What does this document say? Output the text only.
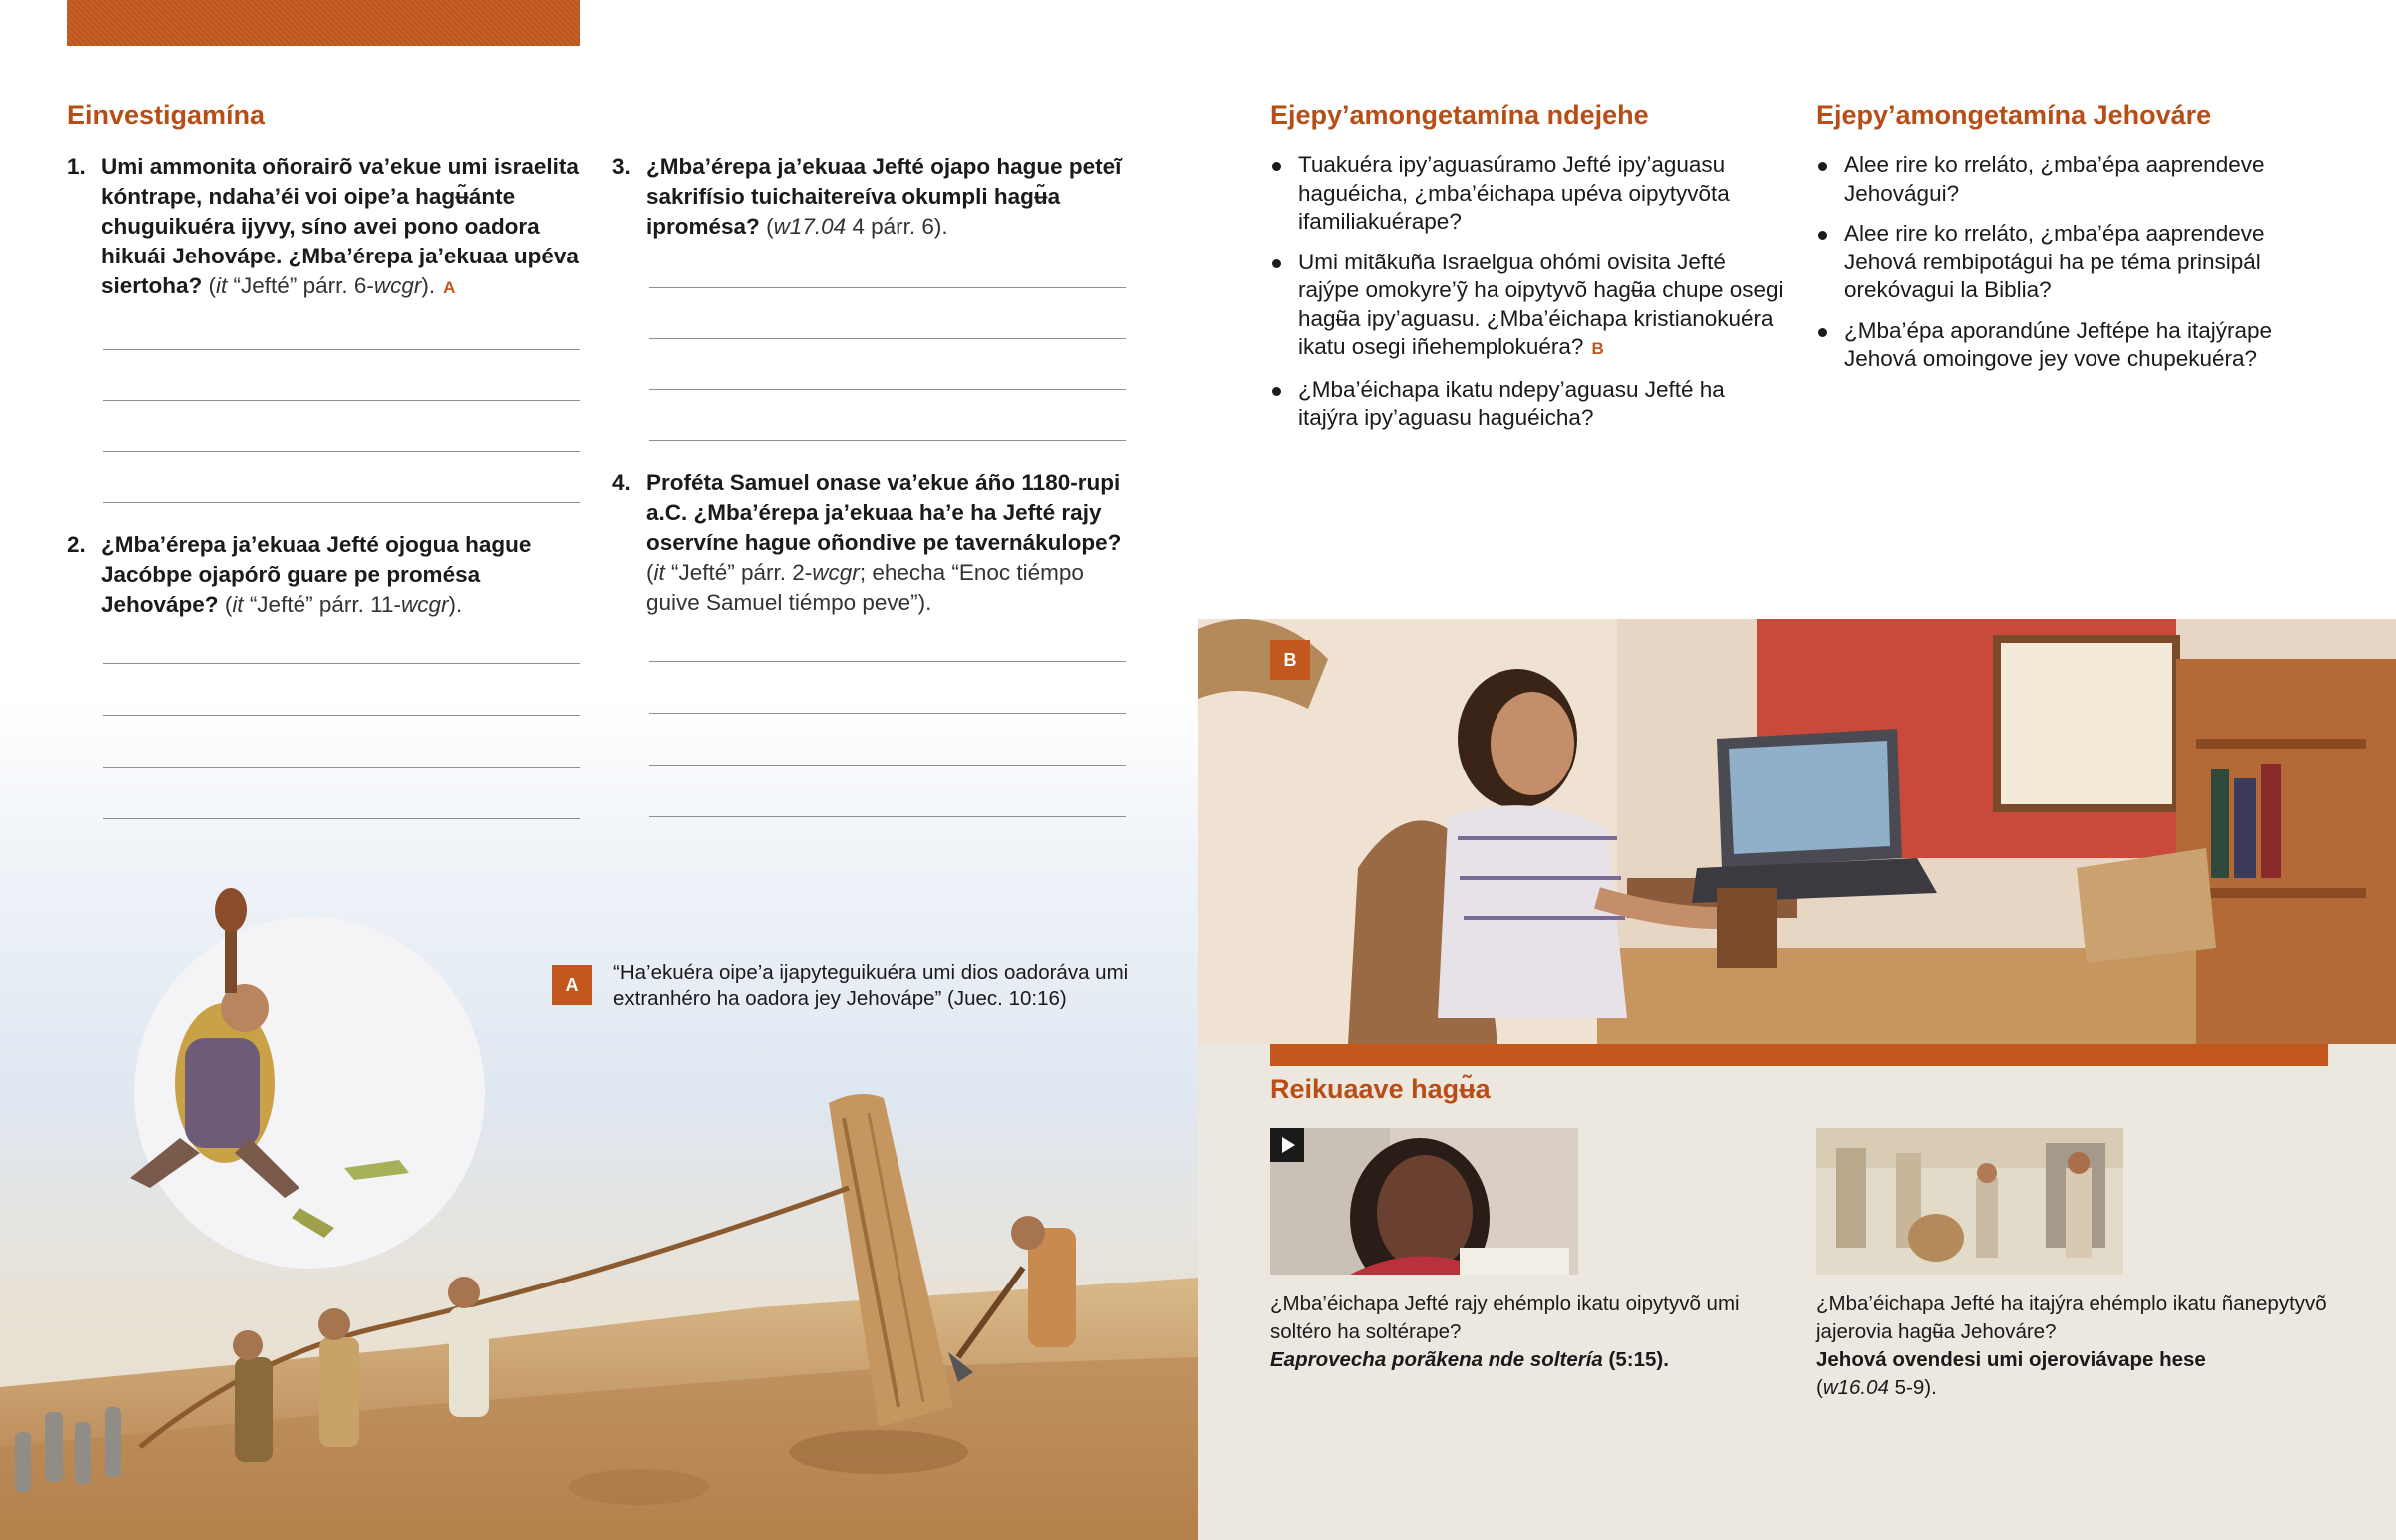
Einvestigamína
1. Umi ammonita oñorairõ va’ekue umi israelita kóntrape, ndaha’éi voi oipe’a hagʉ̃ánte chuguikuéra ijyvy, síno avei pono oadora hikuái Jehovápe. ¿Mba’érepa ja’ekuaa upéva siertoha? (it “Jefté” párr. 6-wcgr). A
2. ¿Mba’érepa ja’ekuaa Jefté ojogua hague Jacóbpe ojapórõ guare pe promésa Jehovápe? (it “Jefté” párr. 11-wcgr).
3. ¿Mba’érepa ja’ekuaa Jefté ojapo hague peteĩ sakrifísio tuichaitereíva okumpli hagʉ̃a ipromésa? (w17.04 4 párr. 6).
4. Proféta Samuel onase va’ekue áño 1180-rupi a.C. ¿Mba’érepa ja’ekuaa ha’e ha Jefté rajy oservíne hague oñondive pe tavernákulope? (it “Jefté” párr. 2-wcgr; ehecha “Enoc tiémpo guive Samuel tiémpo peve”).
A
“Ha’ekuéra oipe’a ijapyteguikuéra umi dios oadoráva umi extranhéro ha oadora jey Jehovápe” (Juec. 10:16)
Ejepy’amongetamína ndejehe
Tuakuéra ipy’aguasúramo Jefté ipy’aguasu haguéicha, ¿mba’éichapa upéva oipytyvõta ifamiliakuérape?
Umi mitãkuña Israelgua ohómi ovisita Jefté rajýpe omokyre’ỹ ha oipytyvõ hagʉ̃a chupe osegi hagʉ̃a ipy’aguasu. ¿Mba’éichapa kristianokuéra ikatu osegi iñehemplokuéra? B
¿Mba’éichapa ikatu ndepy’aguasu Jefté ha itajýra ipy’aguasu haguéicha?
Ejepy’amongetamína Jehováre
Alee rire ko rreláto, ¿mba’épa aaprendeve Jehovágui?
Alee rire ko rreláto, ¿mba’épa aaprendeve Jehová rembipotágui ha pe téma prinsipál orekóvagui la Biblia?
¿Mba’épa aporandúne Jeftépe ha itajýrape Jehová omoingove jey vove chupekuéra?
B
Reikuaave hagʉ̃a
¿Mba’éichapa Jefté rajy ehémplo ikatu oipytyvõ umi soltéro ha soltérape?
Eaprovecha porãkena nde soltería (5:15).
¿Mba’éichapa Jefté ha itajýra ehémplo ikatu ñanepytyvõ jajerovia hagʉ̃a Jehováre?
Jehová ovendesi umi ojeroviávape hese
(w16.04 5-9).
